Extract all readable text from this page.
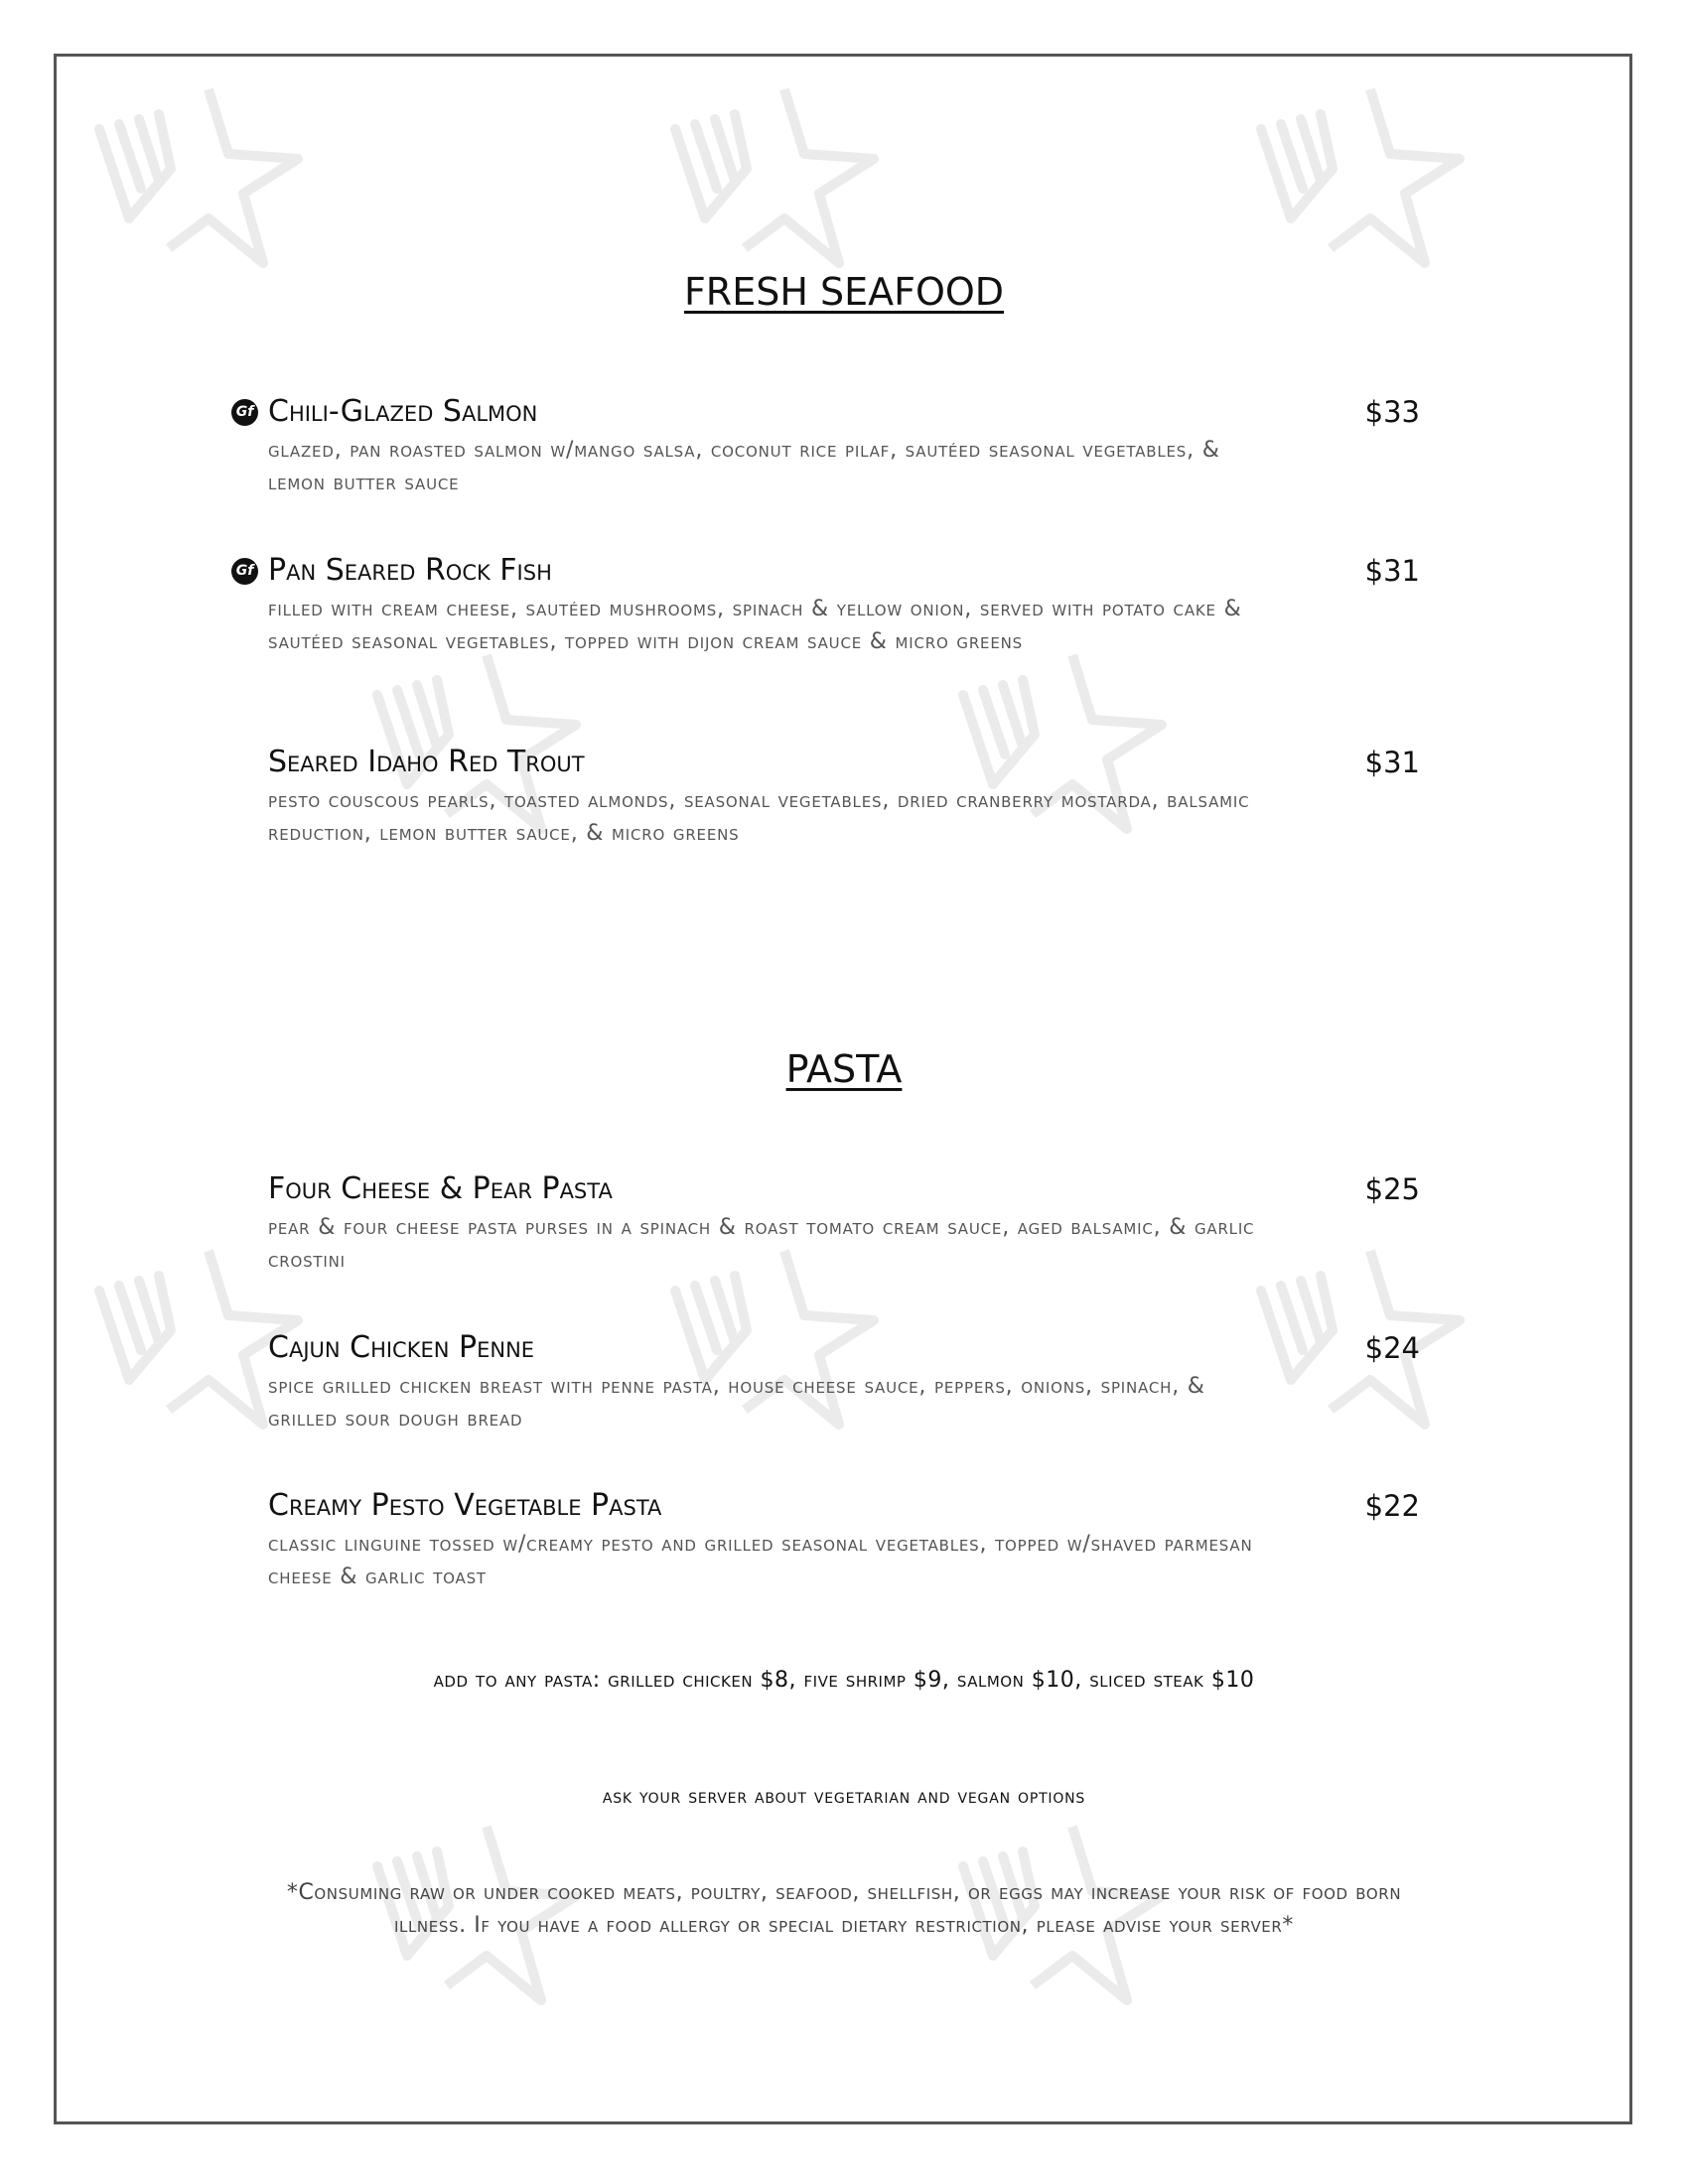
FRESH SEAFOOD
Gf Chili-Glazed Salmon
glazed, pan roasted salmon w/mango salsa, coconut rice pilaf, sautéed seasonal vegetables, & lemon butter sauce
$33
Gf Pan Seared Rock Fish
filled with cream cheese, sautéed mushrooms, spinach & yellow onion, served with potato cake & sautéed seasonal vegetables, topped with dijon cream sauce & micro greens
$31
Seared Idaho Red Trout
pesto couscous pearls, toasted almonds, seasonal vegetables, dried cranberry mostarda, balsamic reduction, lemon butter sauce, & micro greens
$31
PASTA
Four Cheese & Pear Pasta
pear & four cheese pasta purses in a spinach & roast tomato cream sauce, aged balsamic, & garlic crostini
$25
Cajun Chicken Penne
spice grilled chicken breast with penne pasta, house cheese sauce, peppers, onions, spinach, & grilled sour dough bread
$24
Creamy Pesto Vegetable Pasta
classic linguine tossed w/creamy pesto and grilled seasonal vegetables, topped w/shaved parmesan cheese & garlic toast
$22

add to any pasta: grilled chicken $8, five shrimp $9, salmon $10, sliced steak $10

ask your server about vegetarian and vegan options

*Consuming raw or under cooked meats, poultry, seafood, shellfish, or eggs may increase your risk of food born illness. If you have a food allergy or special dietary restriction, please advise your server*
